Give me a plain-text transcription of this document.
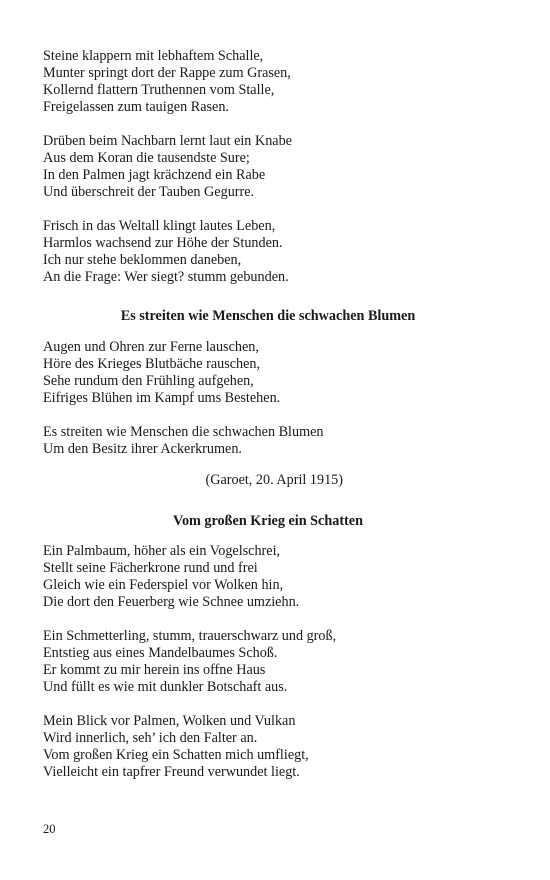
Steine klappern mit lebhaftem Schalle,
Munter springt dort der Rappe zum Grasen,
Kollernd flattern Truthennen vom Stalle,
Freigelassen zum tauigen Rasen.
Drüben beim Nachbarn lernt laut ein Knabe
Aus dem Koran die tausendste Sure;
In den Palmen jagt krächzend ein Rabe
Und überschreit der Tauben Gegurre.
Frisch in das Weltall klingt lautes Leben,
Harmlos wachsend zur Höhe der Stunden.
Ich nur stehe beklommen daneben,
An die Frage: Wer siegt? stumm gebunden.
Es streiten wie Menschen die schwachen Blumen
Augen und Ohren zur Ferne lauschen,
Höre des Krieges Blutbäche rauschen,
Sehe rundum den Frühling aufgehen,
Eifriges Blühen im Kampf ums Bestehen.
Es streiten wie Menschen die schwachen Blumen
Um den Besitz ihrer Ackerkrumen.
(Garoet, 20. April 1915)
Vom großen Krieg ein Schatten
Ein Palmbaum, höher als ein Vogelschrei,
Stellt seine Fächerkrone rund und frei
Gleich wie ein Federspiel vor Wolken hin,
Die dort den Feuerberg wie Schnee umziehn.
Ein Schmetterling, stumm, trauerschwarz und groß,
Entstieg aus eines Mandelbaumes Schoß.
Er kommt zu mir herein ins offne Haus
Und füllt es wie mit dunkler Botschaft aus.
Mein Blick vor Palmen, Wolken und Vulkan
Wird innerlich, seh’ ich den Falter an.
Vom großen Krieg ein Schatten mich umfliegt,
Vielleicht ein tapfrer Freund verwundet liegt.
20
